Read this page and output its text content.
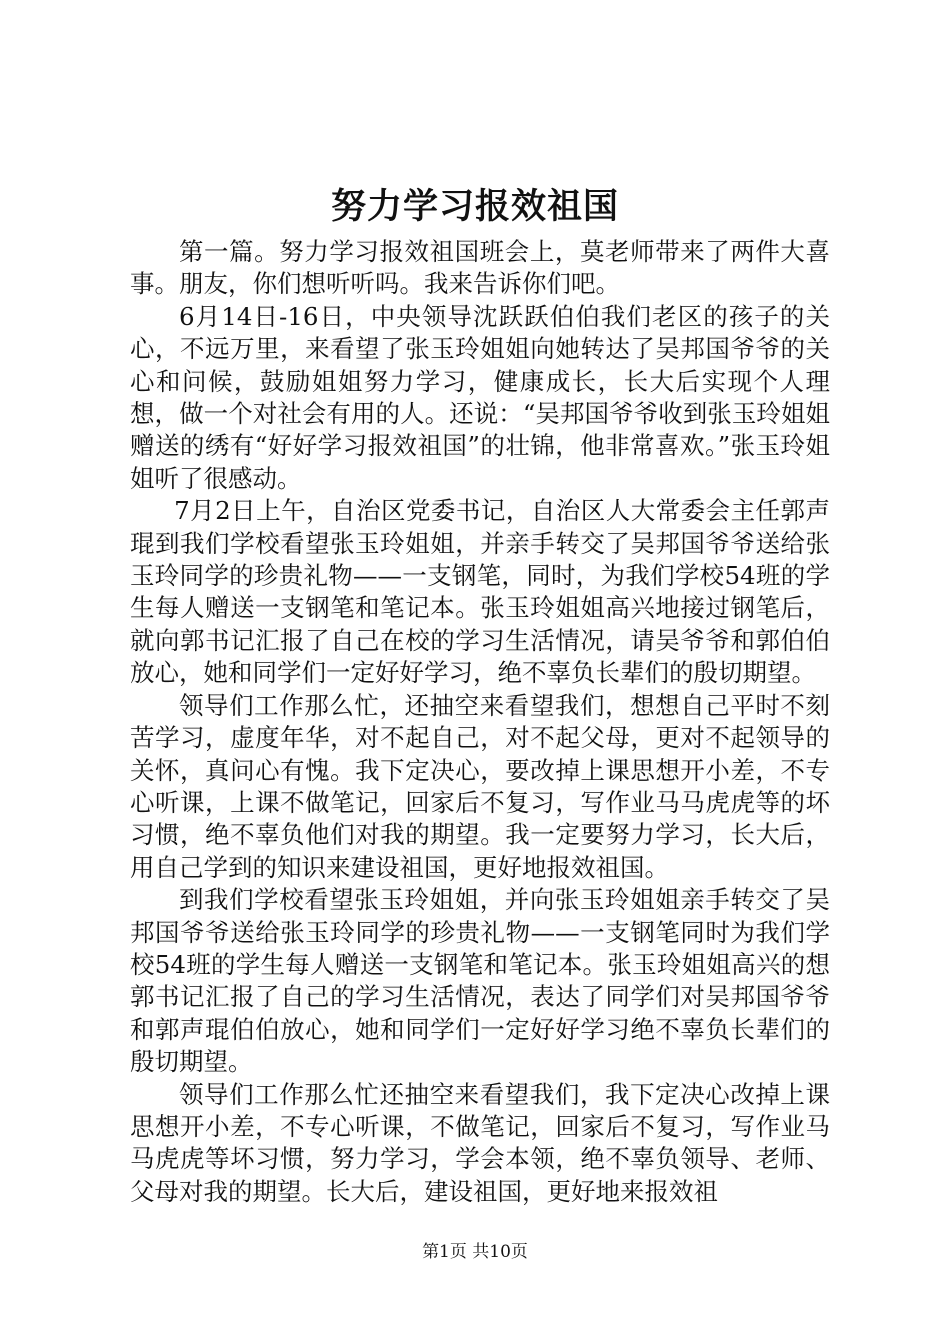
努力学习报效祖国

第一篇。努力学习报效祖国班会上，莫老师带来了两件大喜事。朋友，你们想听听吗。我来告诉你们吧。

6月14日-16日，中央领导沈跃跃伯伯我们老区的孩子的关心，不远万里，来看望了张玉玲姐姐向她转达了吴邦国爷爷的关心和问候，鼓励姐姐努力学习，健康成长，长大后实现个人理想，做一个对社会有用的人。还说：“吴邦国爷爷收到张玉玲姐姐赠送的绣有“好好学习报效祖国”的壮锦，他非常喜欢。”张玉玲姐姐听了很感动。

7月2日上午，自治区党委书记，自治区人大常委会主任郭声琨到我们学校看望张玉玲姐姐，并亲手转交了吴邦国爷爷送给张玉玲同学的珍贵礼物——一支钢笔，同时，为我们学校54班的学生每人赠送一支钢笔和笔记本。张玉玲姐姐高兴地接过钢笔后，就向郭书记汇报了自己在校的学习生活情况，请吴爷爷和郭伯伯放心，她和同学们一定好好学习，绝不辜负长辈们的殷切期望。

领导们工作那么忙，还抽空来看望我们，想想自己平时不刻苦学习，虚度年华，对不起自己，对不起父母，更对不起领导的关怀，真问心有愧。我下定决心，要改掉上课思想开小差，不专心听课，上课不做笔记，回家后不复习，写作业马马虎虎等的坏习惯，绝不辜负他们对我的期望。我一定要努力学习，长大后，用自己学到的知识来建设祖国，更好地报效祖国。

到我们学校看望张玉玲姐姐，并向张玉玲姐姐亲手转交了吴邦国爷爷送给张玉玲同学的珍贵礼物——一支钢笔同时为我们学校54班的学生每人赠送一支钢笔和笔记本。张玉玲姐姐高兴的想郭书记汇报了自己的学习生活情况，表达了同学们对吴邦国爷爷和郭声琨伯伯放心，她和同学们一定好好学习绝不辜负长辈们的殷切期望。

领导们工作那么忙还抽空来看望我们，我下定决心改掉上课思想开小差，不专心听课，不做笔记，回家后不复习，写作业马马虎虎等坏习惯，努力学习，学会本领，绝不辜负领导、老师、父母对我的期望。长大后，建设祖国，更好地来报效祖

第1页 共10页
